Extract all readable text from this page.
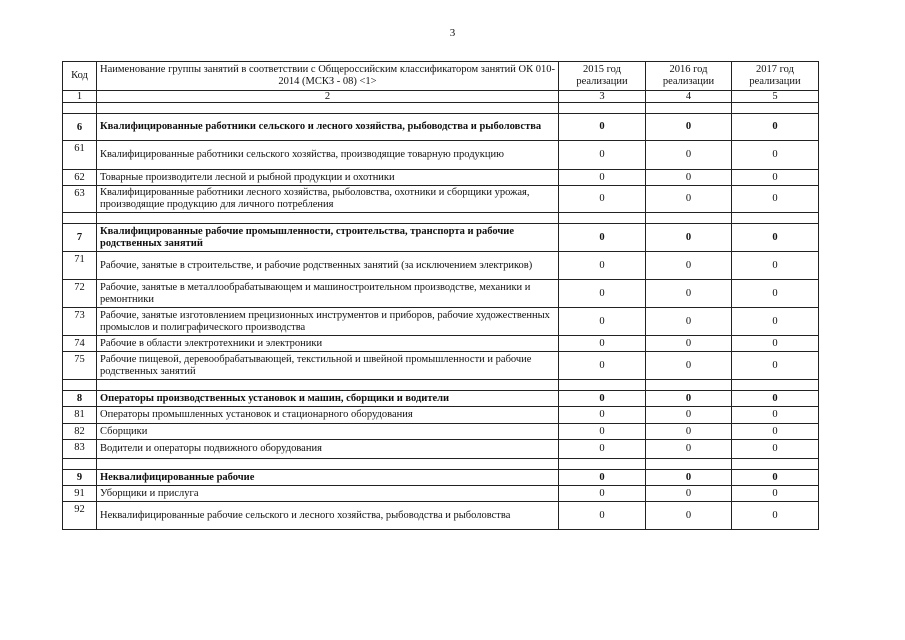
3
Код	Наименование группы занятий в соответствии с Общероссийским классификатором занятий ОК 010-2014 (МСКЗ - 08) <1>	2015 год реализации	2016 год реализации	2017 год реализации
1	2	3	4	5

6	Квалифицированные работники сельского и лесного хозяйства, рыбоводства и рыболовства	0	0	0
61	Квалифицированные работники сельского хозяйства, производящие товарную продукцию	0	0	0
62	Товарные производители лесной и рыбной продукции и охотники	0	0	0
63	Квалифицированные работники лесного хозяйства, рыболовства, охотники и сборщики урожая, производящие продукцию для личного потребления	0	0	0

7	Квалифицированные рабочие промышленности, строительства, транспорта и рабочие родственных занятий	0	0	0
71	Рабочие, занятые в строительстве, и рабочие родственных занятий (за исключением электриков)	0	0	0
72	Рабочие, занятые в металлообрабатывающем и машиностроительном производстве, механики и ремонтники	0	0	0
73	Рабочие, занятые изготовлением прецизионных инструментов и приборов, рабочие художественных промыслов и полиграфического производства	0	0	0
74	Рабочие в области электротехники и электроники	0	0	0
75	Рабочие пищевой, деревообрабатывающей, текстильной и швейной промышленности и рабочие родственных занятий	0	0	0

8	Операторы производственных установок и машин, сборщики и водители	0	0	0
81	Операторы промышленных установок и стационарного оборудования	0	0	0
82	Сборщики	0	0	0
83	Водители и операторы подвижного оборудования	0	0	0

9	Неквалифицированные рабочие	0	0	0
91	Уборщики и прислуга	0	0	0
92	Неквалифицированные рабочие сельского и лесного хозяйства, рыбоводства и рыболовства	0	0	0
